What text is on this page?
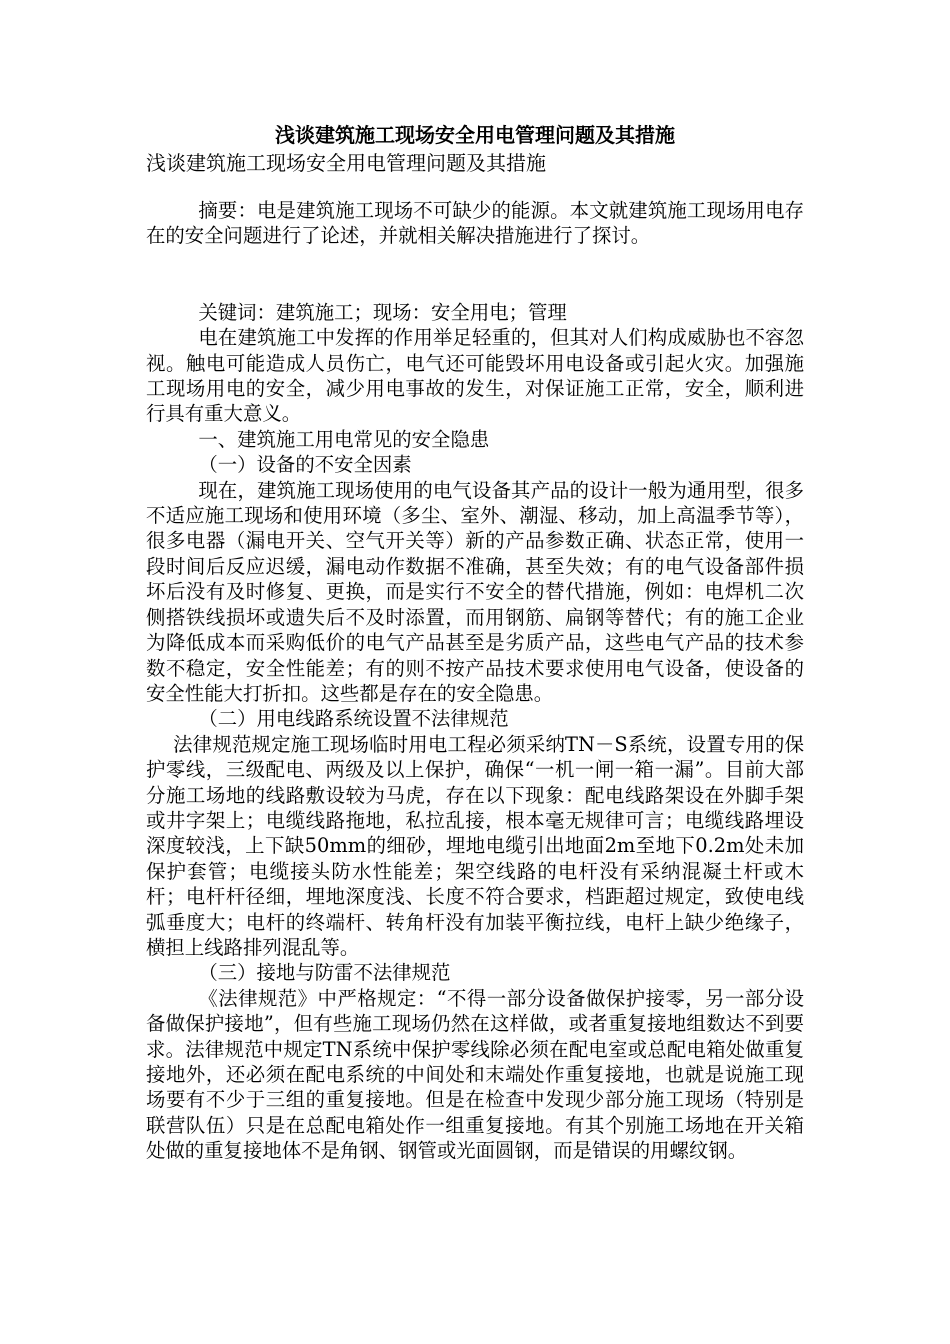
浅谈建筑施工现场安全用电管理问题及其措施
浅谈建筑施工现场安全用电管理问题及其措施

摘要：电是建筑施工现场不可缺少的能源。本文就建筑施工现场用电存在的安全问题进行了论述，并就相关解决措施进行了探讨。

关键词：建筑施工；现场：安全用电；管理

电在建筑施工中发挥的作用举足轻重的，但其对人们构成威胁也不容忽视。触电可能造成人员伤亡，电气还可能毁坏用电设备或引起火灾。加强施工现场用电的安全，减少用电事故的发生，对保证施工正常，安全，顺利进行具有重大意义。

一、建筑施工用电常见的安全隐患

（一）设备的不安全因素

现在，建筑施工现场使用的电气设备其产品的设计一般为通用型，很多不适应施工现场和使用环境（多尘、室外、潮湿、移动，加上高温季节等），很多电器（漏电开关、空气开关等）新的产品参数正确、状态正常，使用一段时间后反应迟缓，漏电动作数据不准确，甚至失效；有的电气设备部件损坏后没有及时修复、更换，而是实行不安全的替代措施，例如：电焊机二次侧搭铁线损坏或遗失后不及时添置，而用钢筋、扁钢等替代；有的施工企业为降低成本而采购低价的电气产品甚至是劣质产品，这些电气产品的技术参数不稳定，安全性能差；有的则不按产品技术要求使用电气设备，使设备的安全性能大打折扣。这些都是存在的安全隐患。

（二）用电线路系统设置不法律规范

法律规范规定施工现场临时用电工程必须采纳TN－S系统，设置专用的保护零线，三级配电、两级及以上保护，确保“一机一闸一箱一漏”。目前大部分施工场地的线路敷设较为马虎，存在以下现象：配电线路架设在外脚手架或井字架上；电缆线路拖地，私拉乱接，根本毫无规律可言；电缆线路埋设深度较浅，上下缺50mm的细砂，埋地电缆引出地面2m至地下0.2m处未加保护套管；电缆接头防水性能差；架空线路的电杆没有采纳混凝土杆或木杆；电杆杆径细，埋地深度浅、长度不符合要求，档距超过规定，致使电线弧垂度大；电杆的终端杆、转角杆没有加装平衡拉线，电杆上缺少绝缘子，横担上线路排列混乱等。

（三）接地与防雷不法律规范

《法律规范》中严格规定：“不得一部分设备做保护接零，另一部分设备做保护接地”，但有些施工现场仍然在这样做，或者重复接地组数达不到要求。法律规范中规定TN系统中保护零线除必须在配电室或总配电箱处做重复接地外，还必须在配电系统的中间处和末端处作重复接地，也就是说施工现场要有不少于三组的重复接地。但是在检查中发现少部分施工现场（特别是联营队伍）只是在总配电箱处作一组重复接地。有其个别施工场地在开关箱处做的重复接地体不是角钢、钢管或光面圆钢，而是错误的用螺纹钢。
